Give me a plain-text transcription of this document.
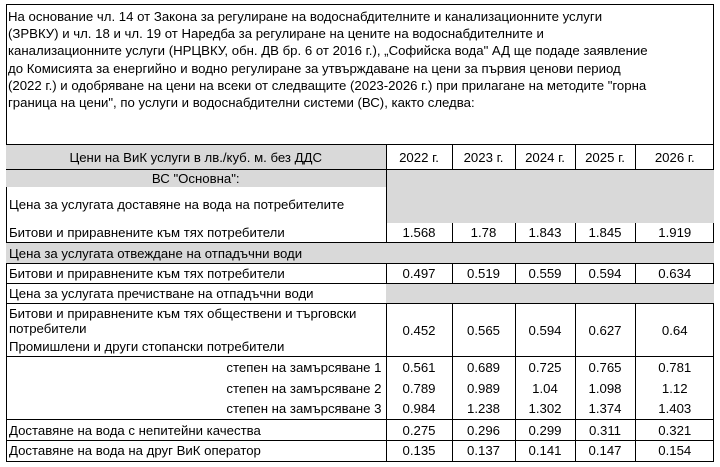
На основание чл. 14 от Закона за регулиране на водоснабдителните и канализационните услуги
(ЗРВКУ) и чл. 18 и чл. 19 от Наредба за регулиране на цените на водоснабдителните и
канализационните услуги (НРЦВКУ, обн. ДВ бр. 6 от 2016 г.), „Софийска вода" АД ще подаде заявление
до Комисията за енергийно и водно регулиране за утвърждаване на цени за първия ценови период
(2022 г.) и одобряване на цени на всеки от следващите (2023-2026 г.) при прилагане на методите "горна
граница на цени", по услуги и водоснабдителни системи (ВС), както следва:
Цени на ВиК услуги в лв./куб. м. без ДДС	2022 г.	2023 г.	2024 г.	2025 г.	2026 г.
ВС "Основна":					
Цена за услугата доставяне на вода на потребителите					
Битови и приравнените към тях потребители	1.568	1.78	1.843	1.845	1.919
Цена за услугата отвеждане на отпадъчни води					
Битови и приравнените към тях потребители	0.497	0.519	0.559	0.594	0.634
Цена за услугата пречистване на отпадъчни води					
Битови и приравнените към тях обществени и търговски потребители	0.452	0.565	0.594	0.627	0.64
Промишлени и други стопански потребители					
степен на замърсяване 1	0.561	0.689	0.725	0.765	0.781
степен на замърсяване 2	0.789	0.989	1.04	1.098	1.12
степен на замърсяване 3	0.984	1.238	1.302	1.374	1.403
Доставяне на вода с непитейни качества	0.275	0.296	0.299	0.311	0.321
Доставяне на вода на друг ВиК оператор	0.135	0.137	0.141	0.147	0.154
